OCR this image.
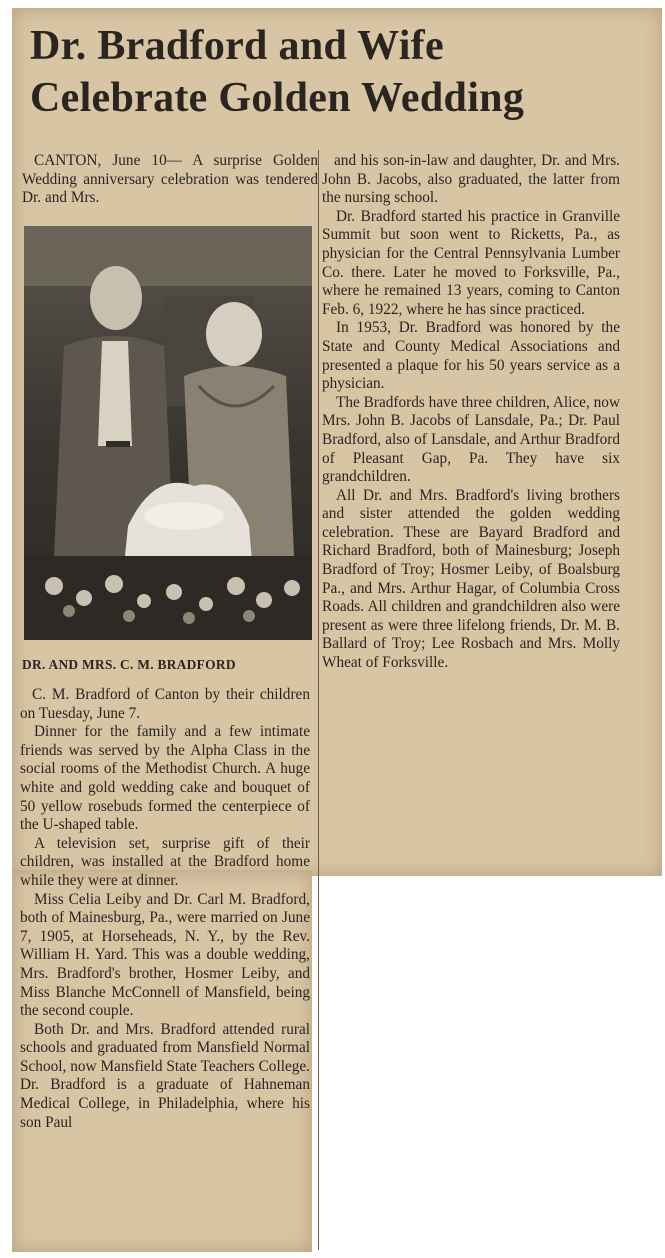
Dr. Bradford and Wife
Celebrate Golden Wedding

CANTON, June 10— A surprise Golden Wedding anniversary celebration was tendered Dr. and Mrs.

DR. AND MRS. C. M. BRADFORD

C. M. Bradford of Canton by their children on Tuesday, June 7.

Dinner for the family and a few intimate friends was served by the Alpha Class in the social rooms of the Methodist Church. A huge white and gold wedding cake and bouquet of 50 yellow rosebuds formed the centerpiece of the U-shaped table.

A television set, surprise gift of their children, was installed at the Bradford home while they were at dinner.

Miss Celia Leiby and Dr. Carl M. Bradford, both of Mainesburg, Pa., were married on June 7, 1905, at Horseheads, N. Y., by the Rev. William H. Yard. This was a double wedding, Mrs. Bradford's brother, Hosmer Leiby, and Miss Blanche McConnell of Mansfield, being the second couple.

Both Dr. and Mrs. Bradford attended rural schools and graduated from Mansfield Normal School, now Mansfield State Teachers College. Dr. Bradford is a graduate of Hahneman Medical College, in Philadelphia, where his son Paul

and his son-in-law and daughter, Dr. and Mrs. John B. Jacobs, also graduated, the latter from the nursing school.

Dr. Bradford started his practice in Granville Summit but soon went to Ricketts, Pa., as physician for the Central Pennsylvania Lumber Co. there. Later he moved to Forksville, Pa., where he remained 13 years, coming to Canton Feb. 6, 1922, where he has since practiced.

In 1953, Dr. Bradford was honored by the State and County Medical Associations and presented a plaque for his 50 years service as a physician.

The Bradfords have three children, Alice, now Mrs. John B. Jacobs of Lansdale, Pa.; Dr. Paul Bradford, also of Lansdale, and Arthur Bradford of Pleasant Gap, Pa. They have six grandchildren.

All Dr. and Mrs. Bradford's living brothers and sister attended the golden wedding celebration. These are Bayard Bradford and Richard Bradford, both of Mainesburg; Joseph Bradford of Troy; Hosmer Leiby, of Boalsburg Pa., and Mrs. Arthur Hagar, of Columbia Cross Roads. All children and grandchildren also were present as were three lifelong friends, Dr. M. B. Ballard of Troy; Lee Rosbach and Mrs. Molly Wheat of Forksville.
